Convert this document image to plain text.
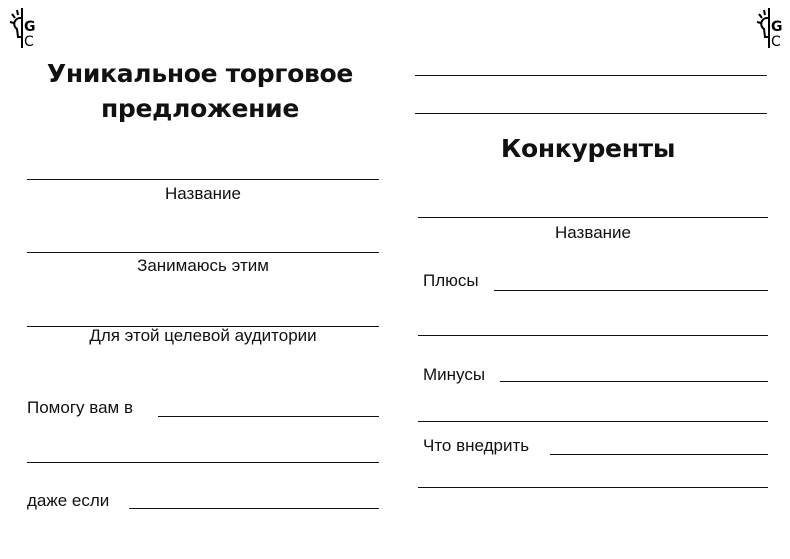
G
C
G
C
Уникальное торговое
предложение
Название
Занимаюсь этим
Для этой целевой аудитории
Помогу вам в
даже если
Конкуренты
Название
Плюсы
Минусы
Что внедрить
